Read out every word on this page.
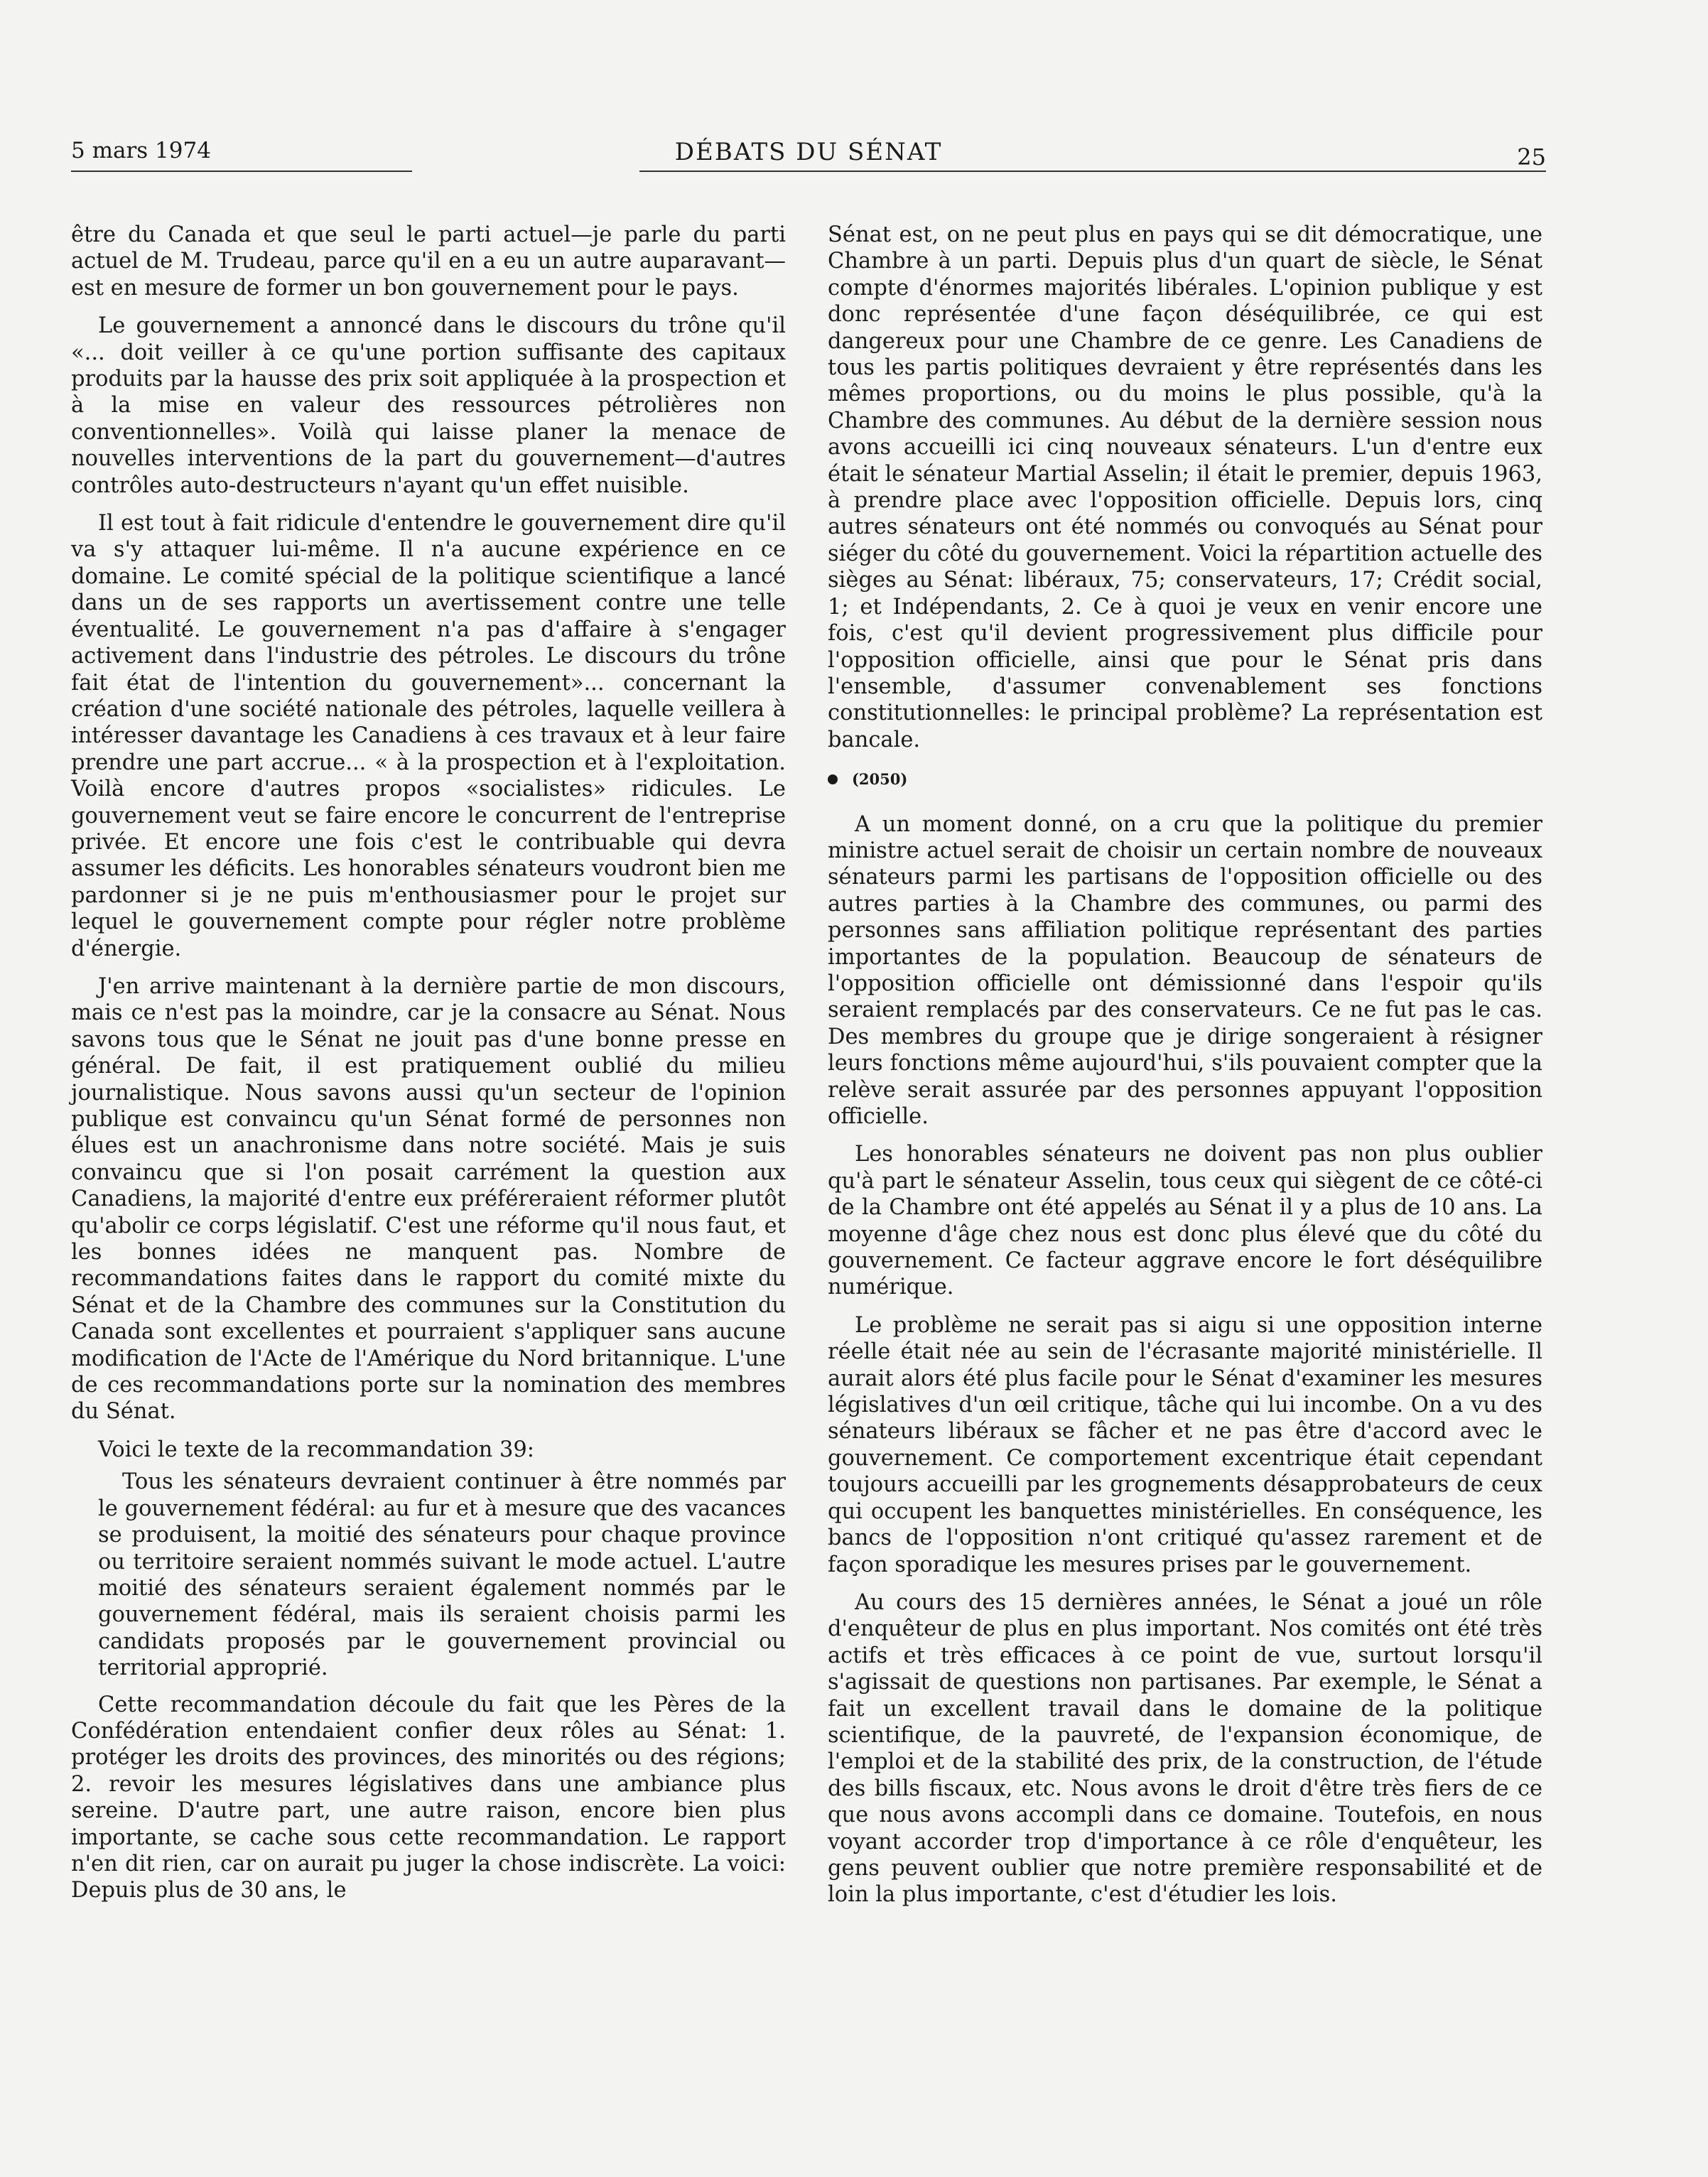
5 mars 1974	DÉBATS DU SÉNAT	25

être du Canada et que seul le parti actuel—je parle du parti actuel de M. Trudeau, parce qu'il en a eu un autre auparavant—est en mesure de former un bon gouvernement pour le pays.

Le gouvernement a annoncé dans le discours du trône qu'il «... doit veiller à ce qu'une portion suffisante des capitaux produits par la hausse des prix soit appliquée à la prospection et à la mise en valeur des ressources pétrolières non conventionnelles». Voilà qui laisse planer la menace de nouvelles interventions de la part du gouvernement—d'autres contrôles auto-destructeurs n'ayant qu'un effet nuisible.

Il est tout à fait ridicule d'entendre le gouvernement dire qu'il va s'y attaquer lui-même. Il n'a aucune expérience en ce domaine. Le comité spécial de la politique scientifique a lancé dans un de ses rapports un avertissement contre une telle éventualité. Le gouvernement n'a pas d'affaire à s'engager activement dans l'industrie des pétroles. Le discours du trône fait état de l'intention du gouvernement»... concernant la création d'une société nationale des pétroles, laquelle veillera à intéresser davantage les Canadiens à ces travaux et à leur faire prendre une part accrue... « à la prospection et à l'exploitation. Voilà encore d'autres propos «socialistes» ridicules. Le gouvernement veut se faire encore le concurrent de l'entreprise privée. Et encore une fois c'est le contribuable qui devra assumer les déficits. Les honorables sénateurs voudront bien me pardonner si je ne puis m'enthousiasmer pour le projet sur lequel le gouvernement compte pour régler notre problème d'énergie.

J'en arrive maintenant à la dernière partie de mon discours, mais ce n'est pas la moindre, car je la consacre au Sénat. Nous savons tous que le Sénat ne jouit pas d'une bonne presse en général. De fait, il est pratiquement oublié du milieu journalistique. Nous savons aussi qu'un secteur de l'opinion publique est convaincu qu'un Sénat formé de personnes non élues est un anachronisme dans notre société. Mais je suis convaincu que si l'on posait carrément la question aux Canadiens, la majorité d'entre eux préféreraient réformer plutôt qu'abolir ce corps législatif. C'est une réforme qu'il nous faut, et les bonnes idées ne manquent pas. Nombre de recommandations faites dans le rapport du comité mixte du Sénat et de la Chambre des communes sur la Constitution du Canada sont excellentes et pourraient s'appliquer sans aucune modification de l'Acte de l'Amérique du Nord britannique. L'une de ces recommandations porte sur la nomination des membres du Sénat.

Voici le texte de la recommandation 39:

Tous les sénateurs devraient continuer à être nommés par le gouvernement fédéral: au fur et à mesure que des vacances se produisent, la moitié des sénateurs pour chaque province ou territoire seraient nommés suivant le mode actuel. L'autre moitié des sénateurs seraient également nommés par le gouvernement fédéral, mais ils seraient choisis parmi les candidats proposés par le gouvernement provincial ou territorial approprié.

Cette recommandation découle du fait que les Pères de la Confédération entendaient confier deux rôles au Sénat: 1. protéger les droits des provinces, des minorités ou des régions; 2. revoir les mesures législatives dans une ambiance plus sereine. D'autre part, une autre raison, encore bien plus importante, se cache sous cette recommandation. Le rapport n'en dit rien, car on aurait pu juger la chose indiscrète. La voici: Depuis plus de 30 ans, le

Sénat est, on ne peut plus en pays qui se dit démocratique, une Chambre à un parti. Depuis plus d'un quart de siècle, le Sénat compte d'énormes majorités libérales. L'opinion publique y est donc représentée d'une façon déséquilibrée, ce qui est dangereux pour une Chambre de ce genre. Les Canadiens de tous les partis politiques devraient y être représentés dans les mêmes proportions, ou du moins le plus possible, qu'à la Chambre des communes. Au début de la dernière session nous avons accueilli ici cinq nouveaux sénateurs. L'un d'entre eux était le sénateur Martial Asselin; il était le premier, depuis 1963, à prendre place avec l'opposition officielle. Depuis lors, cinq autres sénateurs ont été nommés ou convoqués au Sénat pour siéger du côté du gouvernement. Voici la répartition actuelle des sièges au Sénat: libéraux, 75; conservateurs, 17; Crédit social, 1; et Indépendants, 2. Ce à quoi je veux en venir encore une fois, c'est qu'il devient progressivement plus difficile pour l'opposition officielle, ainsi que pour le Sénat pris dans l'ensemble, d'assumer convenablement ses fonctions constitutionnelles: le principal problème? La représentation est bancale.

(2050)

A un moment donné, on a cru que la politique du premier ministre actuel serait de choisir un certain nombre de nouveaux sénateurs parmi les partisans de l'opposition officielle ou des autres parties à la Chambre des communes, ou parmi des personnes sans affiliation politique représentant des parties importantes de la population. Beaucoup de sénateurs de l'opposition officielle ont démissionné dans l'espoir qu'ils seraient remplacés par des conservateurs. Ce ne fut pas le cas. Des membres du groupe que je dirige songeraient à résigner leurs fonctions même aujourd'hui, s'ils pouvaient compter que la relève serait assurée par des personnes appuyant l'opposition officielle.

Les honorables sénateurs ne doivent pas non plus oublier qu'à part le sénateur Asselin, tous ceux qui siègent de ce côté-ci de la Chambre ont été appelés au Sénat il y a plus de 10 ans. La moyenne d'âge chez nous est donc plus élevé que du côté du gouvernement. Ce facteur aggrave encore le fort déséquilibre numérique.

Le problème ne serait pas si aigu si une opposition interne réelle était née au sein de l'écrasante majorité ministérielle. Il aurait alors été plus facile pour le Sénat d'examiner les mesures législatives d'un œil critique, tâche qui lui incombe. On a vu des sénateurs libéraux se fâcher et ne pas être d'accord avec le gouvernement. Ce comportement excentrique était cependant toujours accueilli par les grognements désapprobateurs de ceux qui occupent les banquettes ministérielles. En conséquence, les bancs de l'opposition n'ont critiqué qu'assez rarement et de façon sporadique les mesures prises par le gouvernement.

Au cours des 15 dernières années, le Sénat a joué un rôle d'enquêteur de plus en plus important. Nos comités ont été très actifs et très efficaces à ce point de vue, surtout lorsqu'il s'agissait de questions non partisanes. Par exemple, le Sénat a fait un excellent travail dans le domaine de la politique scientifique, de la pauvreté, de l'expansion économique, de l'emploi et de la stabilité des prix, de la construction, de l'étude des bills fiscaux, etc. Nous avons le droit d'être très fiers de ce que nous avons accompli dans ce domaine. Toutefois, en nous voyant accorder trop d'importance à ce rôle d'enquêteur, les gens peuvent oublier que notre première responsabilité et de loin la plus importante, c'est d'étudier les lois.
